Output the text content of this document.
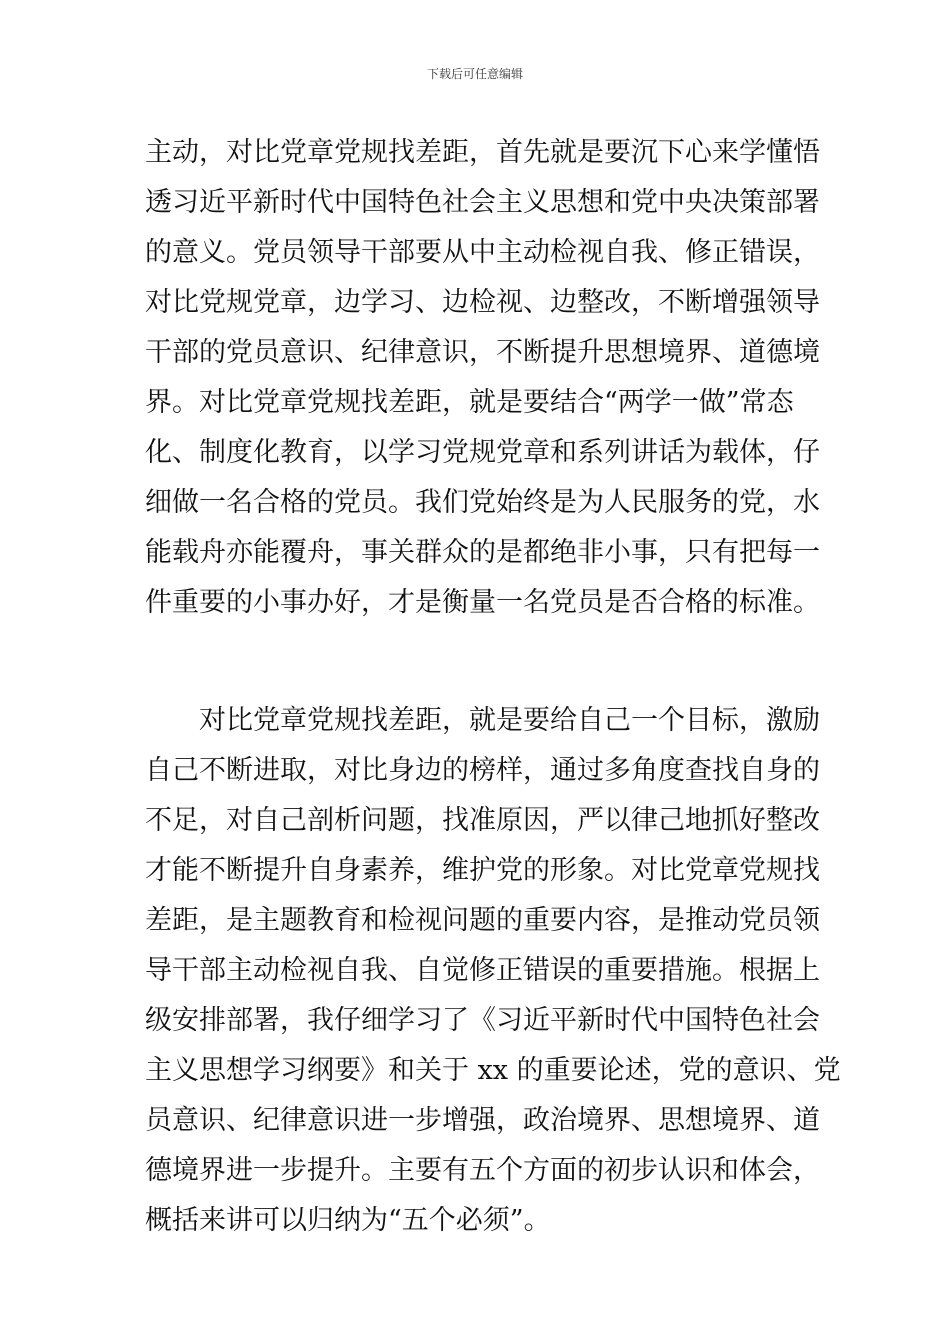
下载后可任意编辑
主动，对比党章党规找差距，首先就是要沉下心来学懂悟
透习近平新时代中国特色社会主义思想和党中央决策部署
的意义。党员领导干部要从中主动检视自我、修正错误，
对比党规党章，边学习、边检视、边整改，不断增强领导
干部的党员意识、纪律意识，不断提升思想境界、道德境
界。对比党章党规找差距，就是要结合“两学一做”常态
化、制度化教育，以学习党规党章和系列讲话为载体，仔
细做一名合格的党员。我们党始终是为人民服务的党，水
能载舟亦能覆舟，事关群众的是都绝非小事，只有把每一
件重要的小事办好，才是衡量一名党员是否合格的标准。
对比党章党规找差距，就是要给自己一个目标，激励
自己不断进取，对比身边的榜样，通过多角度查找自身的
不足，对自己剖析问题，找准原因，严以律己地抓好整改
才能不断提升自身素养，维护党的形象。对比党章党规找
差距，是主题教育和检视问题的重要内容，是推动党员领
导干部主动检视自我、自觉修正错误的重要措施。根据上
级安排部署，我仔细学习了《习近平新时代中国特色社会
主义思想学习纲要》和关于 xx 的重要论述，党的意识、党
员意识、纪律意识进一步增强，政治境界、思想境界、道
德境界进一步提升。主要有五个方面的初步认识和体会，
概括来讲可以归纳为“五个必须”。
